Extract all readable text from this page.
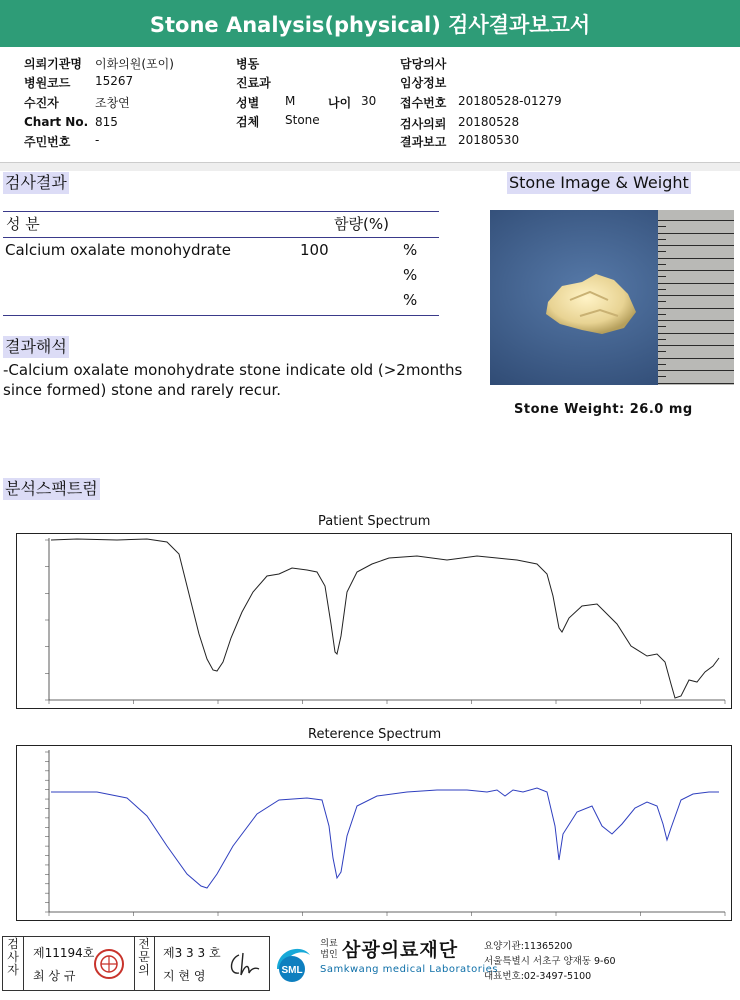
Stone Analysis(physical) 검사결과보고서
의뢰기관명 이화의원(포이)
병원코드 15267
수진자	조창연
Chart No. 815
주민번호 -
병동
진료과
성별 M	나이 30
검체 Stone
담당의사
임상정보
접수번호 20180528-01279
검사의뢰 20180528
결과보고 20180530
검사결과	Stone Image & Weight
성 분	함량(%)
Calcium oxalate monohydrate	100	%
%
%
결과해석
-Calcium oxalate monohydrate stone indicate old (>2months
since formed) stone and rarely recur.
Stone Weight: 26.0 mg
분석스팩트럼
Patient Spectrum
Reterence Spectrum
검사자
제11194호
최 상 규
전문의
제3 3 3 호
지 현 영	SML
의료법인 삼광의료재단
Samkwang medical Laboratories
요양기관:11365200
서울특별시 서초구 양재동 9-60
대표번호:02-3497-5100
